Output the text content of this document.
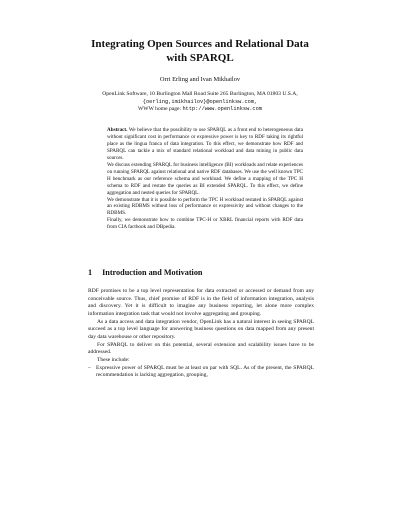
Integrating Open Sources and Relational Data
with SPARQL
Orri Erling and Ivan Mikhailov
OpenLink Software, 10 Burlington Mall Road Suite 265 Burlington, MA 01803 U.S.A,
{oerling,imikhailov}@openlinksw.com,
WWW home page: http://www.openlinksw.com

Abstract. We believe that the possibility to use SPARQL as a front end to heterogeneous data without significant cost in performance or expressive power is key to RDF taking its rightful place as the lingua franca of data integration. To this effect, we demonstrate how RDF and SPARQL can tackle a mix of standard relational workload and data mining in public data sources.

We discuss extending SPARQL for business intelligence (BI) workloads and relate experiences on running SPARQL against relational and native RDF databases. We use the well known TPC H benchmark as our reference schema and workload. We define a mapping of the TPC H schema to RDF and restate the queries as BI extended SPARQL. To this effect, we define aggregation and nested queries for SPARQL.

We demonstrate that it is possible to perform the TPC H workload restated in SPARQL against an existing RDBMS without loss of performance or expressivity and without changes to the RDBMS.

Finally, we demonstrate how to combine TPC-H or XBRL financial reports with RDF data from CIA factbook and DBpedia.

1 Introduction and Motivation

RDF promises to be a top level representation for data extracted or accessed or demand from any conceivable source. Thus, chief promise of RDF is in the field of information integration, analysis and discovery. Yet it is difficult to imagine any business reporting, let alone more complex information integration task that would not involve aggregating and grouping.

As a data access and data integration vendor, OpenLink has a natural interest in seeing SPARQL succeed as a top level language for answering business questions on data mapped from any present day data warehouse or other repository.

For SPARQL to deliver on this potential, several extension and scalability issues have to be addressed.

These include:

– Expressive power of SPARQL must be at least on par with SQL. As of the present, the SPARQL recommendation is lacking aggregation, grouping,
